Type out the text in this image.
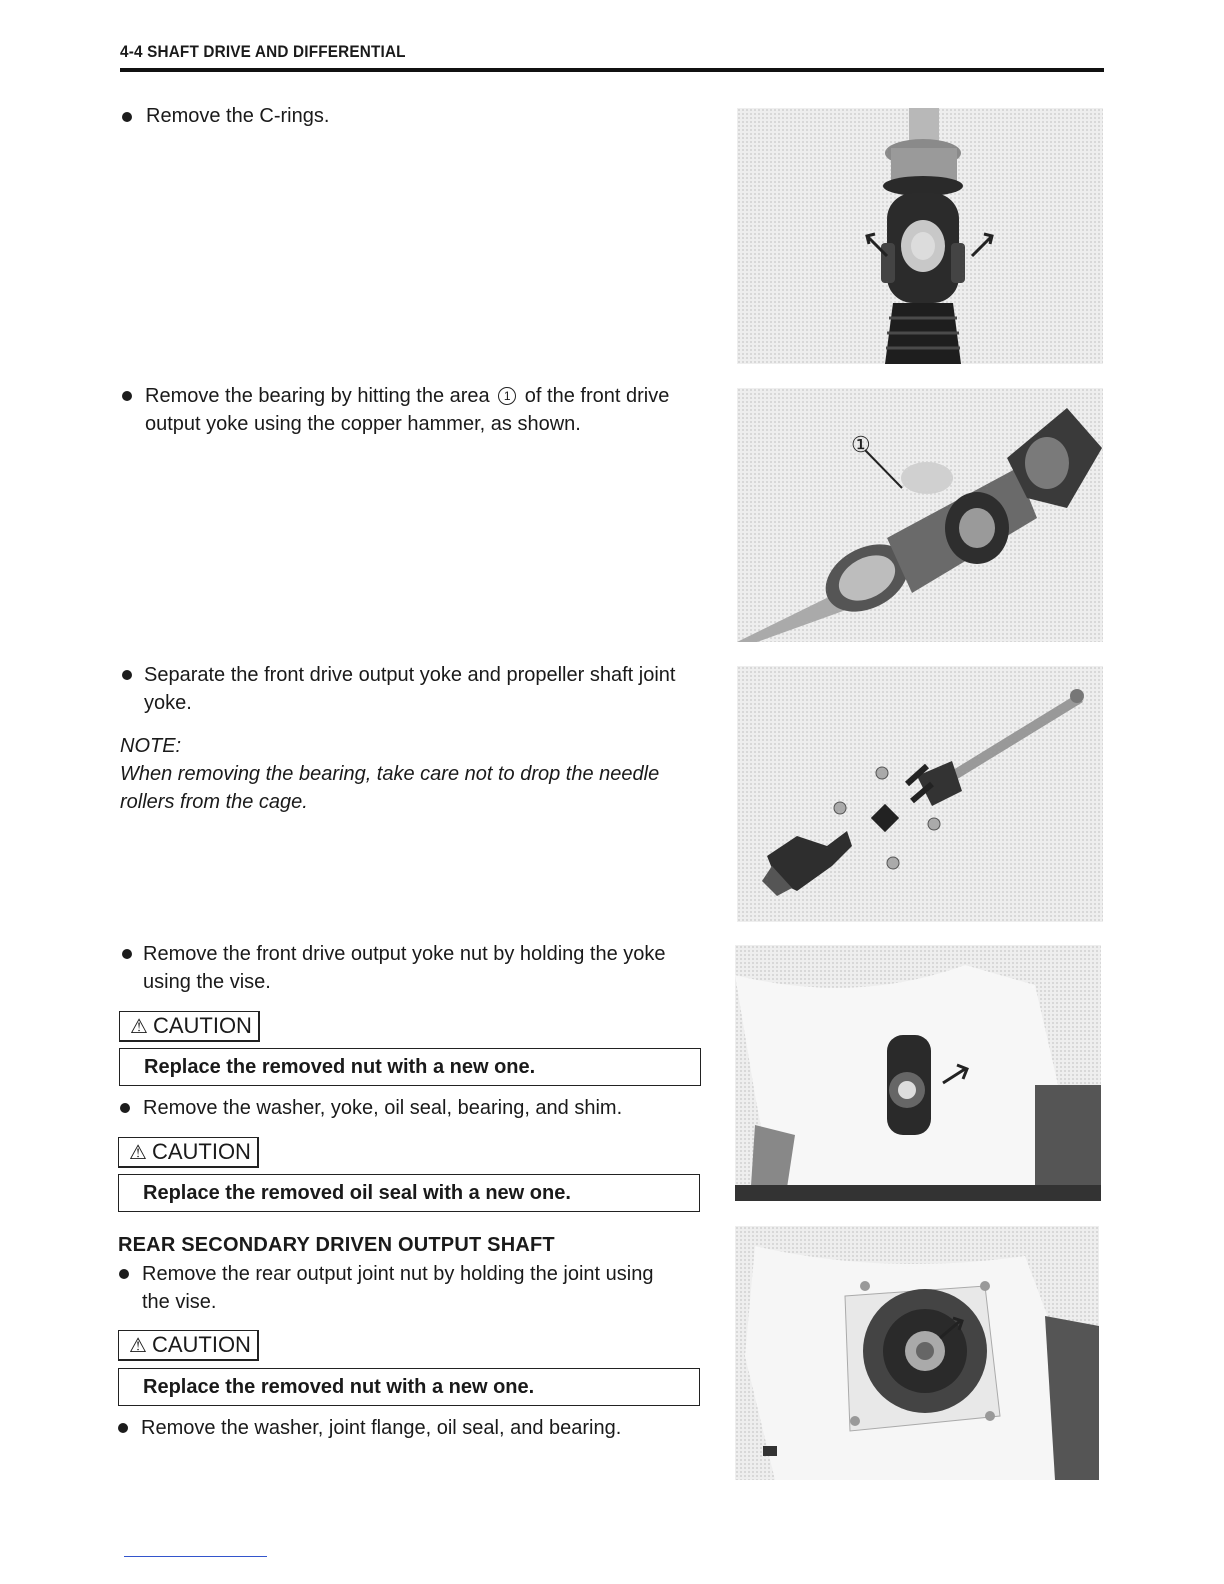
4-4 SHAFT DRIVE AND DIFFERENTIAL
Remove the C-rings.
Remove the bearing by hitting the area 1 of the front drive
output yoke using the copper hammer, as shown.
Separate the front drive output yoke and propeller shaft joint
yoke.
NOTE:
When removing the bearing, take care not to drop the needle
rollers from the cage.
Remove the front drive output yoke nut by holding the yoke
using the vise.
⚠ CAUTION
Replace the removed nut with a new one.
Remove the washer, yoke, oil seal, bearing, and shim.
⚠ CAUTION
Replace the removed oil seal with a new one.
REAR SECONDARY DRIVEN OUTPUT SHAFT
Remove the rear output joint nut by holding the joint using
the vise.
⚠ CAUTION
Replace the removed nut with a new one.
Remove the washer, joint flange, oil seal, and bearing.
①
